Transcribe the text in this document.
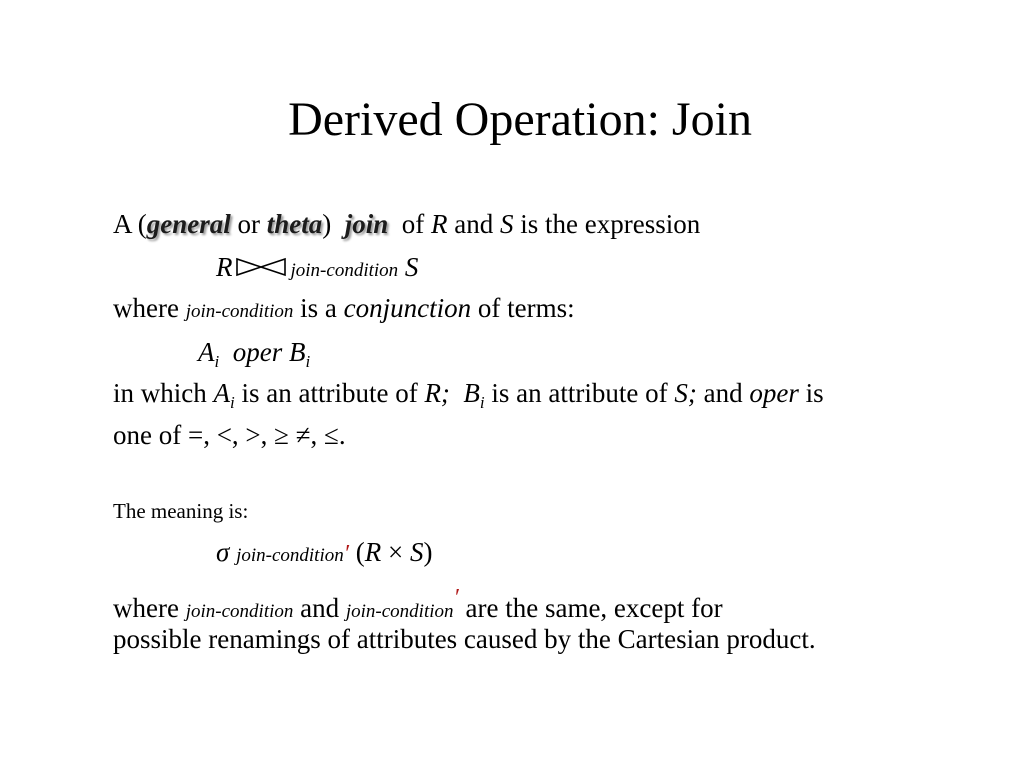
Derived Operation: Join
A (general or theta) join of R and S is the expression
R	join-condition S
where join-condition is a conjunction of terms:
$A_i$ oper $B_i$
in which $A_i$ is an attribute of R; $B_i$ is an attribute of S; and oper is
one of =, <, >, ≥ ≠, ≤.
The meaning is:
σ join-condition′ (R × S)
where join-condition and join-condition′ are the same, except for
possible renamings of attributes caused by the Cartesian product.
